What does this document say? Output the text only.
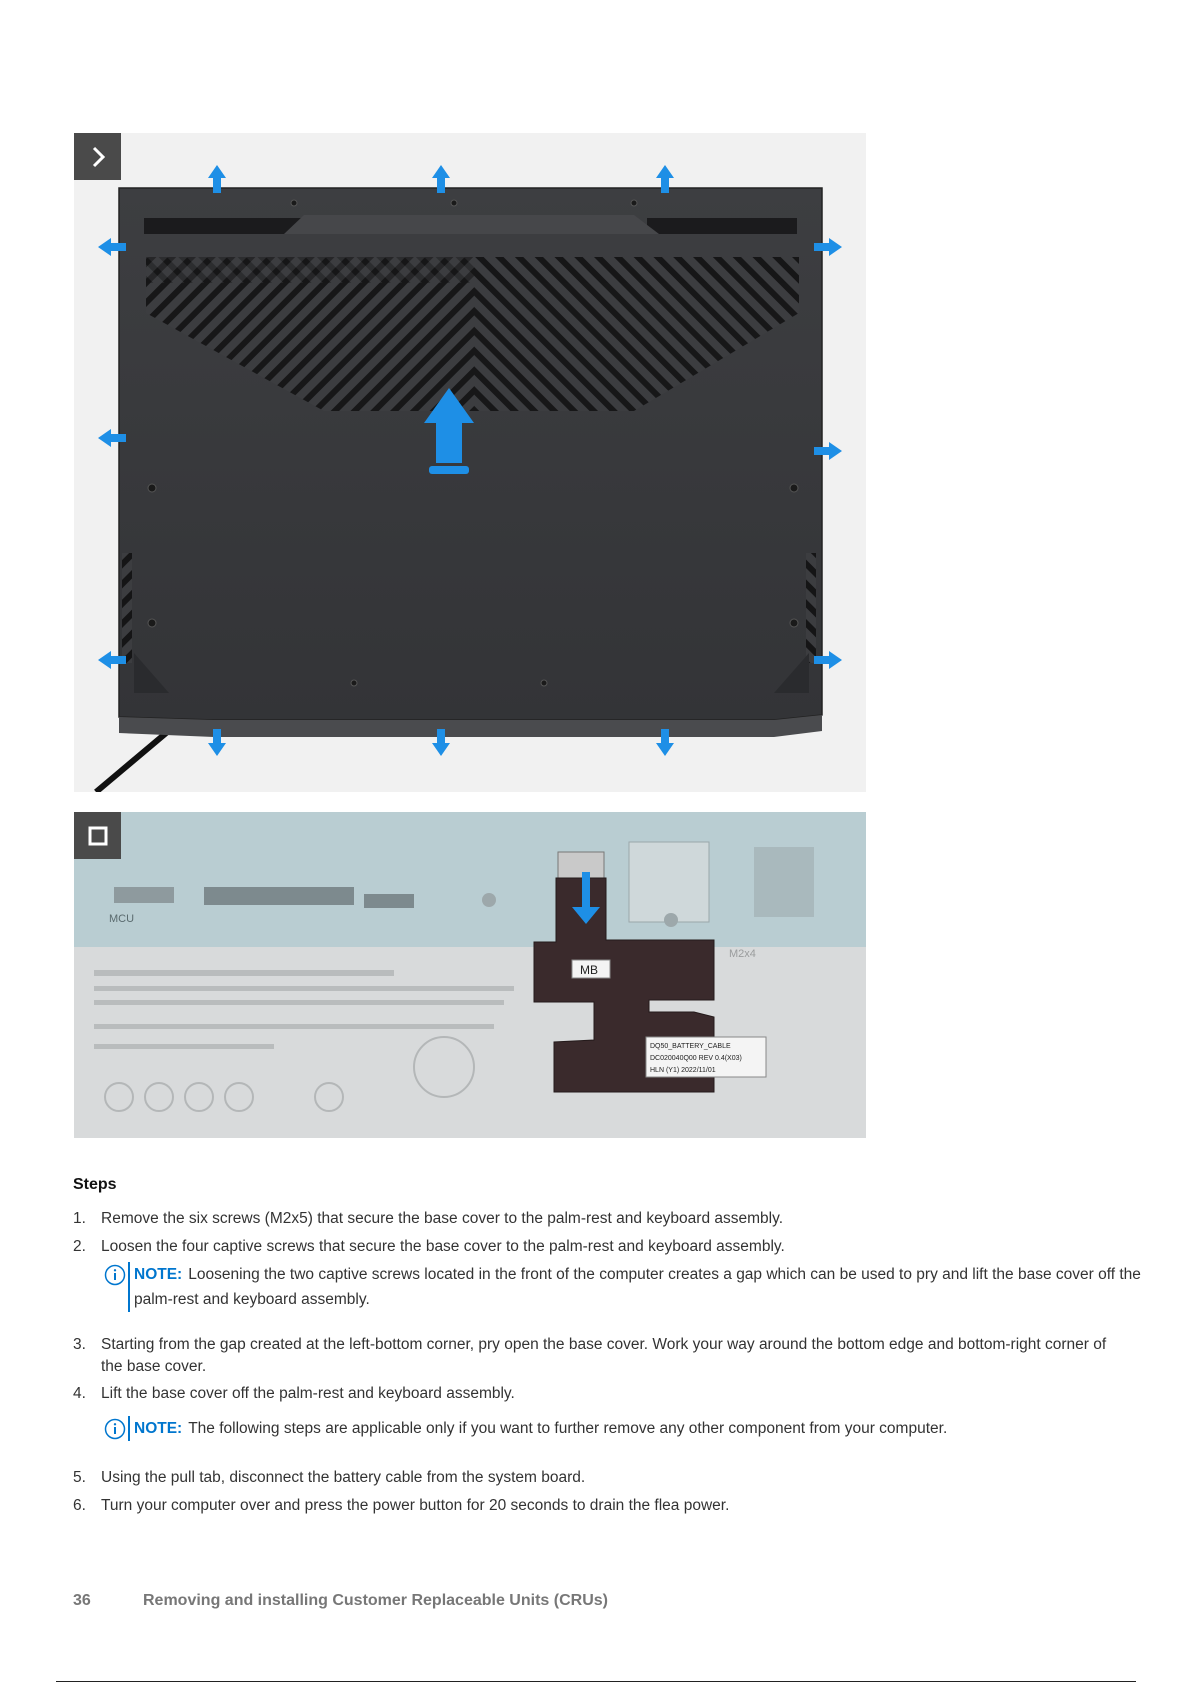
MCU
MB
DQ50_BATTERY_CABLE
DC020040Q00 REV 0.4(X03)
HLN (Y1) 2022/11/01
M2x4
Steps
1. Remove the six screws (M2x5) that secure the base cover to the palm-rest and keyboard assembly.
2. Loosen the four captive screws that secure the base cover to the palm-rest and keyboard assembly.
NOTE: Loosening the two captive screws located in the front of the computer creates a gap which can be used to pry and lift the base cover off the palm-rest and keyboard assembly.
3. Starting from the gap created at the left-bottom corner, pry open the base cover. Work your way around the bottom edge and bottom-right corner of the base cover.
4. Lift the base cover off the palm-rest and keyboard assembly.
NOTE: The following steps are applicable only if you want to further remove any other component from your computer.
5. Using the pull tab, disconnect the battery cable from the system board.
6. Turn your computer over and press the power button for 20 seconds to drain the flea power.
36	Removing and installing Customer Replaceable Units (CRUs)
